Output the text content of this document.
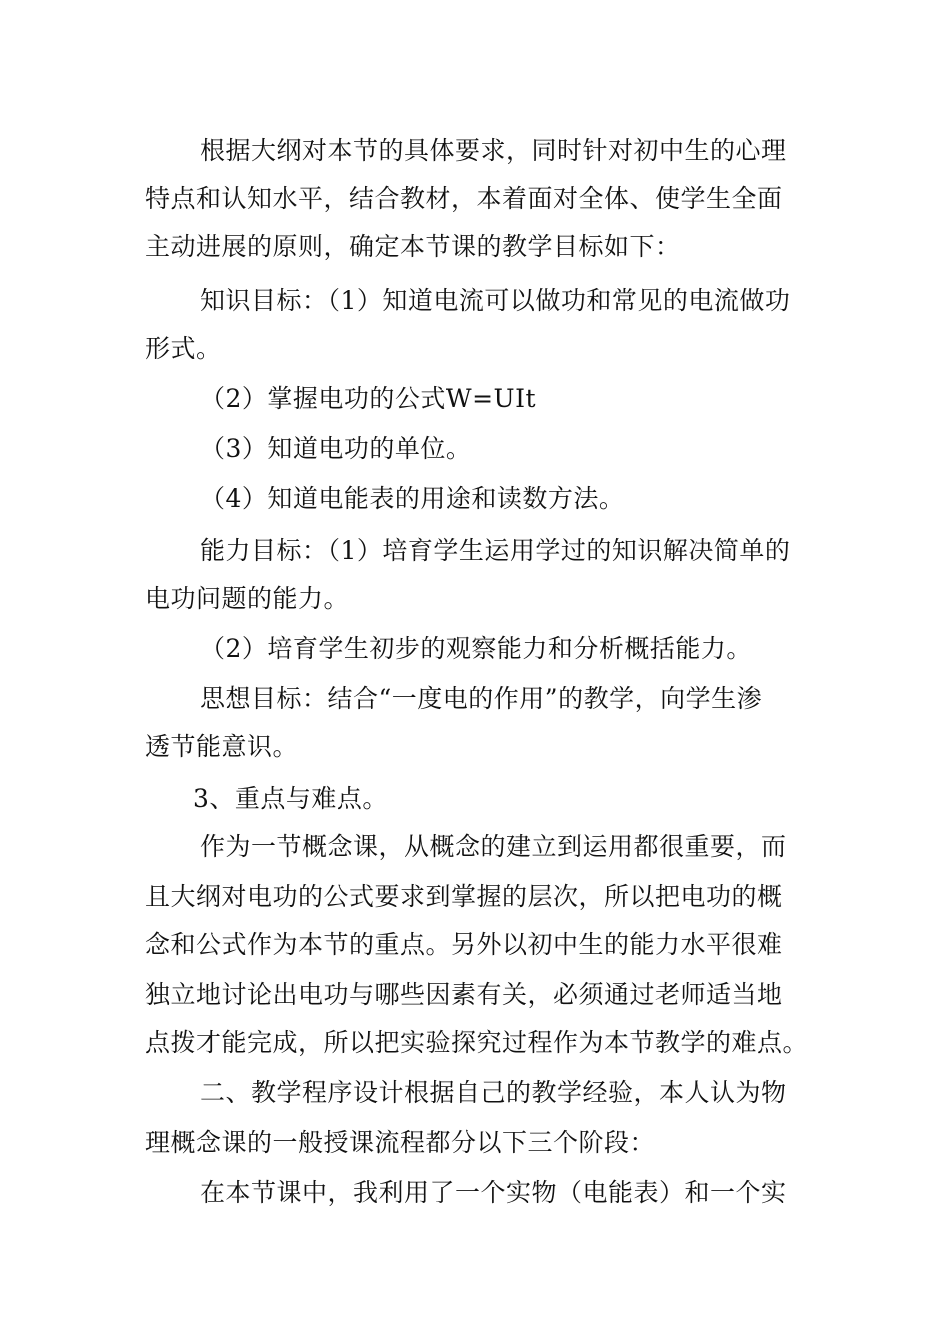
根据大纲对本节的具体要求，同时针对初中生的心理
特点和认知水平，结合教材，本着面对全体、使学生全面
主动进展的原则，确定本节课的教学目标如下：
知识目标：（1）知道电流可以做功和常见的电流做功
形式。
（2）掌握电功的公式W=UIt
（3）知道电功的单位。
（4）知道电能表的用途和读数方法。
能力目标：（1）培育学生运用学过的知识解决简单的
电功问题的能力。
（2）培育学生初步的观察能力和分析概括能力。
思想目标：结合“一度电的作用”的教学，向学生渗
透节能意识。
3、重点与难点。
作为一节概念课，从概念的建立到运用都很重要，而
且大纲对电功的公式要求到掌握的层次，所以把电功的概
念和公式作为本节的重点。另外以初中生的能力水平很难
独立地讨论出电功与哪些因素有关，必须通过老师适当地
点拨才能完成，所以把实验探究过程作为本节教学的难点。
二、教学程序设计根据自己的教学经验，本人认为物
理概念课的一般授课流程都分以下三个阶段：
在本节课中，我利用了一个实物（电能表）和一个实
